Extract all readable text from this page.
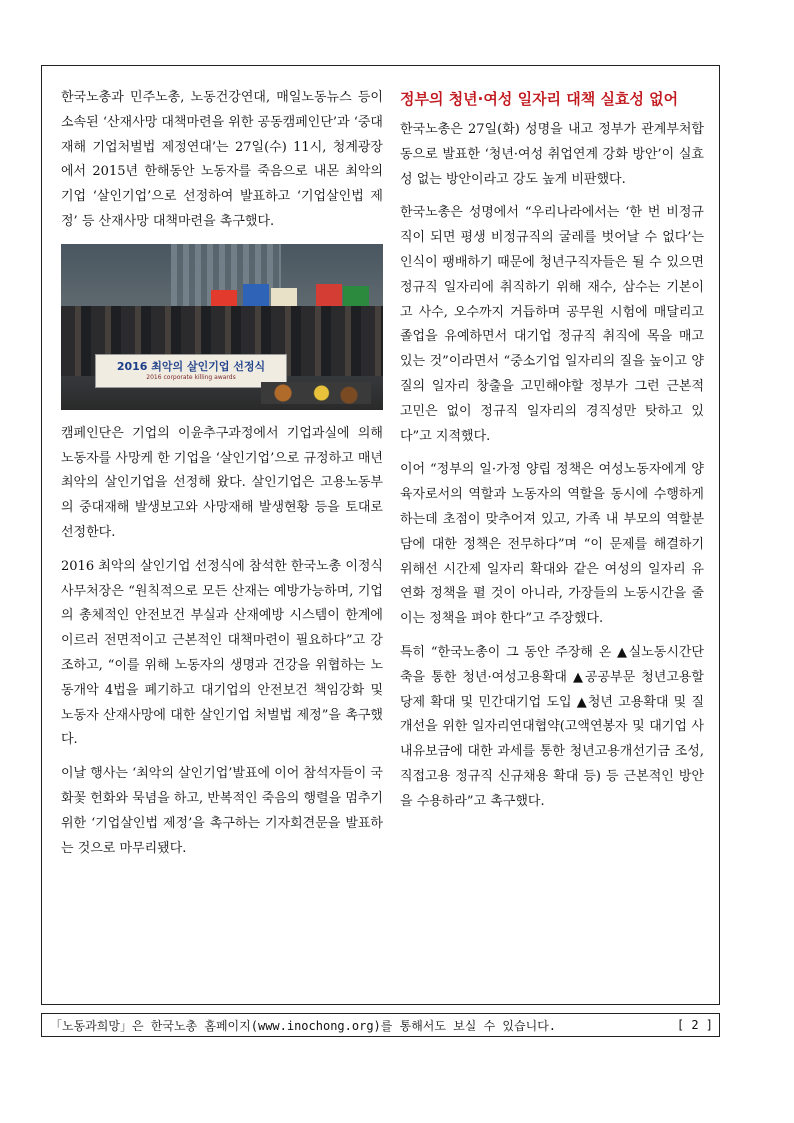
한국노총과 민주노총, 노동건강연대, 매일노동뉴스 등이 소속된 ‘산재사망 대책마련을 위한 공동캠페인단’과 ‘중대재해 기업처벌법 제정연대’는 27일(수) 11시, 청계광장에서 2015년 한해동안 노동자를 죽음으로 내몬 최악의 기업 ‘살인기업’으로 선정하여 발표하고 ‘기업살인법 제정’ 등 산재사망 대책마련을 촉구했다.

2016 최악의 살인기업 선정식
2016 corporate killing awards

캠페인단은 기업의 이윤추구과정에서 기업과실에 의해 노동자를 사망케 한 기업을 ‘살인기업’으로 규정하고 매년 최악의 살인기업을 선정해 왔다. 살인기업은 고용노동부의 중대재해 발생보고와 사망재해 발생현황 등을 토대로 선정한다.

2016 최악의 살인기업 선정식에 참석한 한국노총 이정식 사무처장은 “원칙적으로 모든 산재는 예방가능하며, 기업의 총체적인 안전보건 부실과 산재예방 시스템이 한계에 이르러 전면적이고 근본적인 대책마련이 필요하다”고 강조하고, “이를 위해 노동자의 생명과 건강을 위협하는 노동개악 4법을 폐기하고 대기업의 안전보건 책임강화 및 노동자 산재사망에 대한 살인기업 처벌법 제정”을 촉구했다.

이날 행사는 ‘최악의 살인기업’발표에 이어 참석자들이 국화꽃 헌화와 묵념을 하고, 반복적인 죽음의 행렬을 멈추기 위한 ‘기업살인법 제정’을 촉구하는 기자회견문을 발표하는 것으로 마무리됐다.

정부의 청년·여성 일자리 대책 실효성 없어

한국노총은 27일(화) 성명을 내고 정부가 관계부처합동으로 발표한 ‘청년·여성 취업연계 강화 방안’이 실효성 없는 방안이라고 강도 높게 비판했다.

한국노총은 성명에서 “우리나라에서는 ‘한 번 비정규직이 되면 평생 비정규직의 굴레를 벗어날 수 없다’는 인식이 팽배하기 때문에 청년구직자들은 될 수 있으면 정규직 일자리에 취직하기 위해 재수, 삼수는 기본이고 사수, 오수까지 거듭하며 공무원 시험에 매달리고 졸업을 유예하면서 대기업 정규직 취직에 목을 매고 있는 것”이라면서 “중소기업 일자리의 질을 높이고 양질의 일자리 창출을 고민해야할 정부가 그런 근본적 고민은 없이 정규직 일자리의 경직성만 탓하고 있다”고 지적했다.

이어 “정부의 일·가정 양립 정책은 여성노동자에게 양육자로서의 역할과 노동자의 역할을 동시에 수행하게 하는데 초점이 맞추어져 있고, 가족 내 부모의 역할분담에 대한 정책은 전무하다”며 “이 문제를 해결하기 위해선 시간제 일자리 확대와 같은 여성의 일자리 유연화 정책을 펼 것이 아니라, 가장들의 노동시간을 줄이는 정책을 펴야 한다”고 주장했다.

특히 “한국노총이 그 동안 주장해 온 ▲실노동시간단축을 통한 청년·여성고용확대 ▲공공부문 청년고용할당제 확대 및 민간대기업 도입 ▲청년 고용확대 및 질 개선을 위한 일자리연대협약(고액연봉자 및 대기업 사내유보금에 대한 과세를 통한 청년고용개선기금 조성, 직접고용 정규직 신규채용 확대 등) 등 근본적인 방안을 수용하라”고 촉구했다.

「노동과희망」은 한국노총 홈페이지(www.inochong.org)를 통해서도 보실 수 있습니다.	[ 2 ]
